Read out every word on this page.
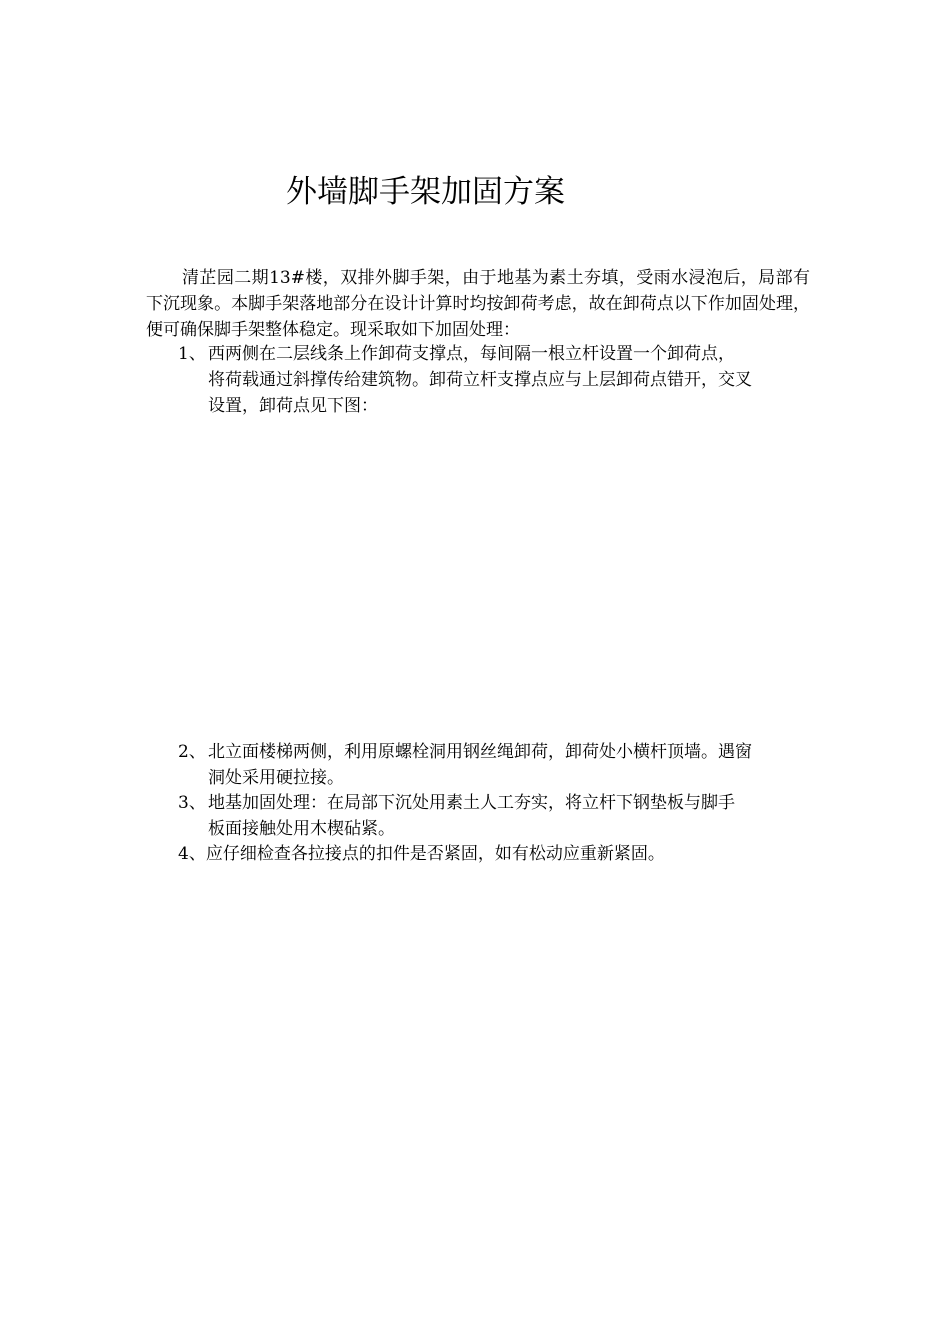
外墙脚手架加固方案
清芷园二期13#楼，双排外脚手架，由于地基为素土夯填，受雨水浸泡后，局部有下沉现象。本脚手架落地部分在设计计算时均按卸荷考虑，故在卸荷点以下作加固处理，便可确保脚手架整体稳定。现采取如下加固处理：
1、 西两侧在二层线条上作卸荷支撑点，每间隔一根立杆设置一个卸荷点，
将荷载通过斜撑传给建筑物。卸荷立杆支撑点应与上层卸荷点错开，交叉
设置，卸荷点见下图：
2、 北立面楼梯两侧，利用原螺栓洞用钢丝绳卸荷，卸荷处小横杆顶墙。遇窗
洞处采用硬拉接。
3、 地基加固处理：在局部下沉处用素土人工夯实，将立杆下钢垫板与脚手
板面接触处用木楔砧紧。
4、应仔细检查各拉接点的扣件是否紧固，如有松动应重新紧固。
